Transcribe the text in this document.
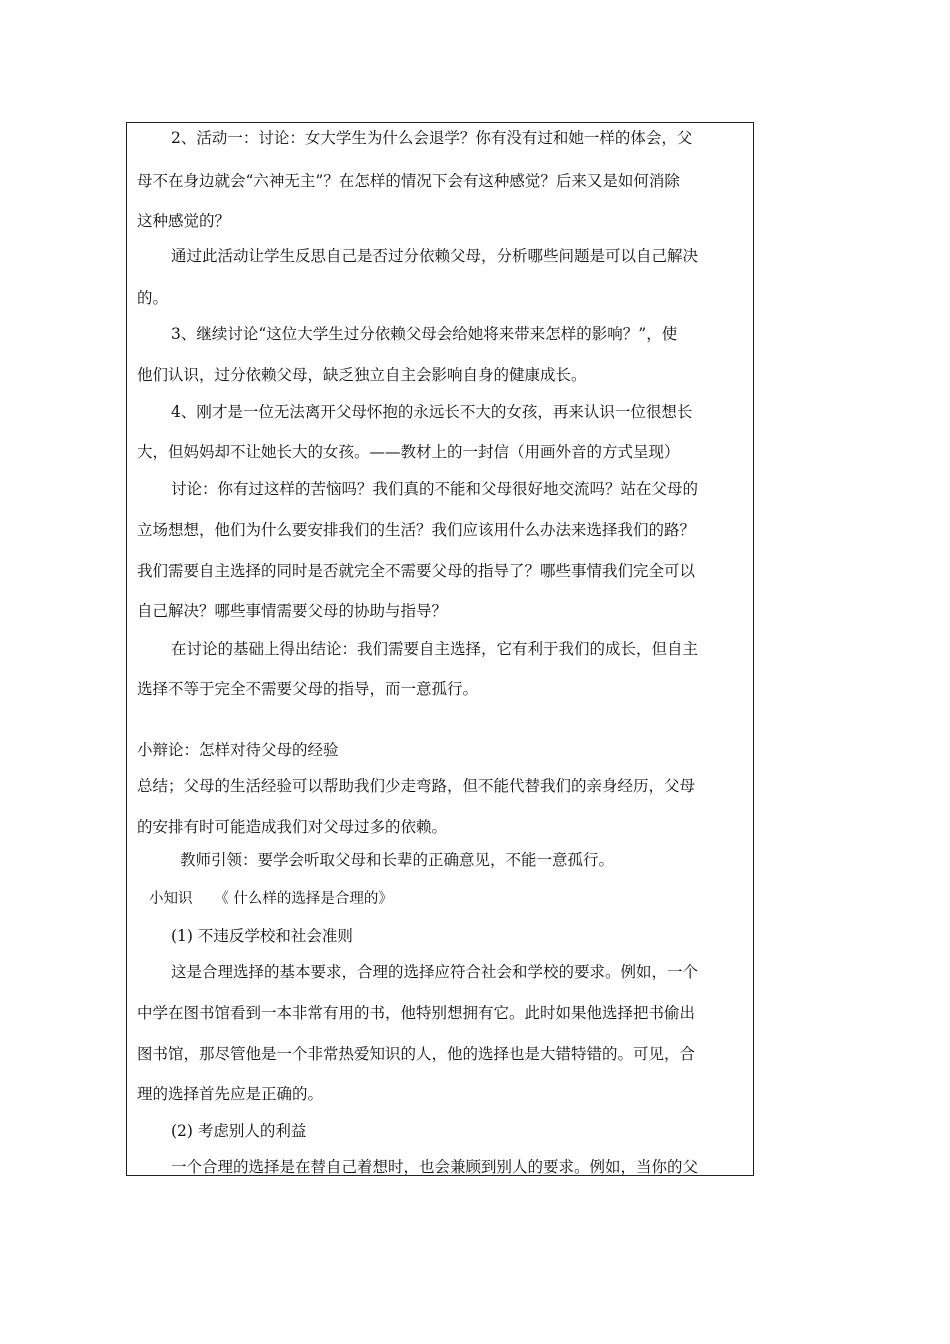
2、活动一：讨论：女大学生为什么会退学？你有没有过和她一样的体会，父
母不在身边就会“六神无主”？在怎样的情况下会有这种感觉？后来又是如何消除
这种感觉的？
通过此活动让学生反思自己是否过分依赖父母，分析哪些问题是可以自己解决
的。
3、继续讨论“这位大学生过分依赖父母会给她将来带来怎样的影响？”，使
他们认识，过分依赖父母，缺乏独立自主会影响自身的健康成长。
4、刚才是一位无法离开父母怀抱的永远长不大的女孩，再来认识一位很想长
大，但妈妈却不让她长大的女孩。——教材上的一封信（用画外音的方式呈现）
讨论：你有过这样的苦恼吗？我们真的不能和父母很好地交流吗？站在父母的
立场想想，他们为什么要安排我们的生活？我们应该用什么办法来选择我们的路？
我们需要自主选择的同时是否就完全不需要父母的指导了？哪些事情我们完全可以
自己解决？哪些事情需要父母的协助与指导？
在讨论的基础上得出结论：我们需要自主选择，它有利于我们的成长，但自主
选择不等于完全不需要父母的指导，而一意孤行。
小辩论：怎样对待父母的经验
总结；父母的生活经验可以帮助我们少走弯路，但不能代替我们的亲身经历，父母
的安排有时可能造成我们对父母过多的依赖。
教师引领：要学会听取父母和长辈的正确意见，不能一意孤行。
小知识　　《 什么样的选择是合理的》
(1) 不违反学校和社会准则
这是合理选择的基本要求，合理的选择应符合社会和学校的要求。例如，一个
中学在图书馆看到一本非常有用的书，他特别想拥有它。此时如果他选择把书偷出
图书馆，那尽管他是一个非常热爱知识的人，他的选择也是大错特错的。可见，合
理的选择首先应是正确的。
(2) 考虑别人的利益
一个合理的选择是在替自己着想时，也会兼顾到别人的要求。例如，当你的父
